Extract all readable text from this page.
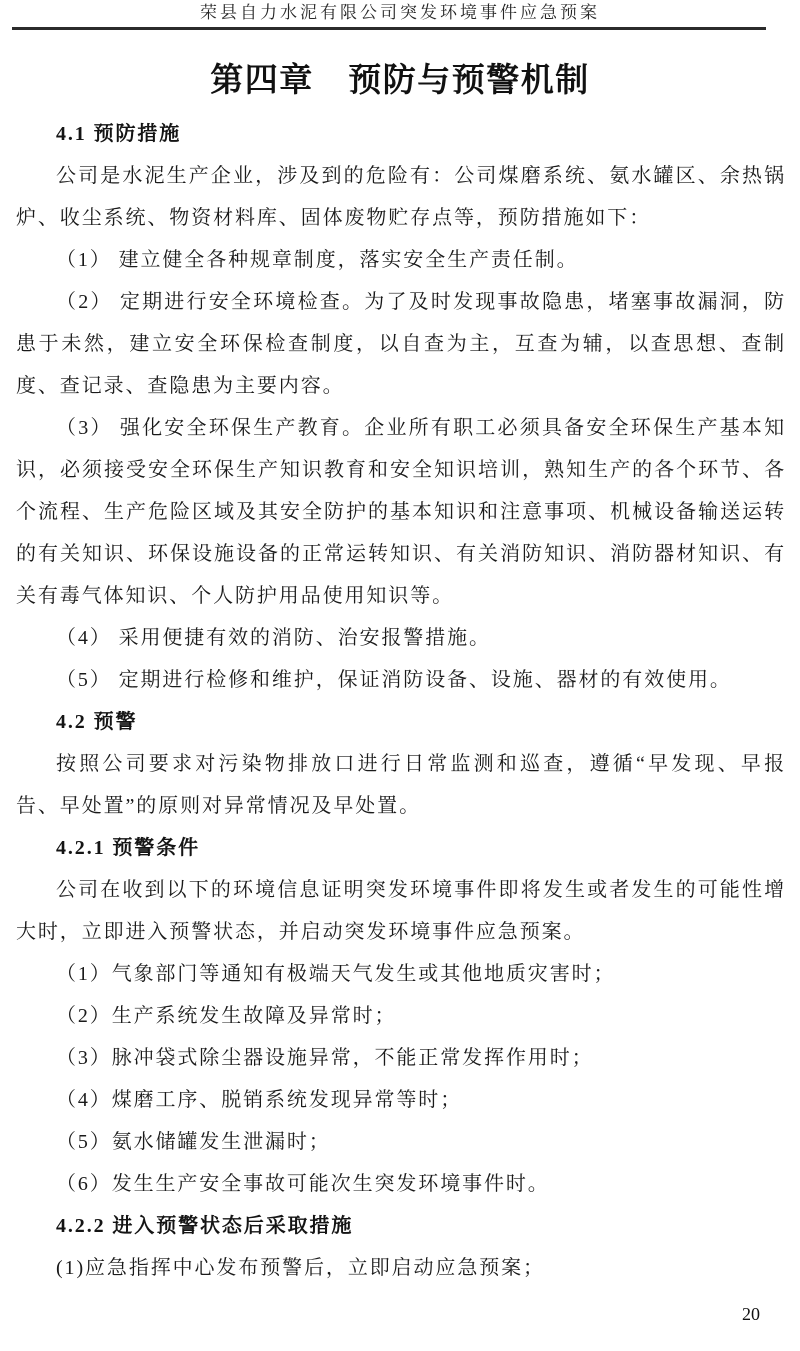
荣县自力水泥有限公司突发环境事件应急预案
第四章　预防与预警机制
4.1 预防措施

公司是水泥生产企业，涉及到的危险有：公司煤磨系统、氨水罐区、余热锅炉、收尘系统、物资材料库、固体废物贮存点等，预防措施如下：

（1） 建立健全各种规章制度，落实安全生产责任制。

（2） 定期进行安全环境检查。为了及时发现事故隐患，堵塞事故漏洞，防患于未然，建立安全环保检查制度，以自查为主，互查为辅，以查思想、查制度、查记录、查隐患为主要内容。

（3） 强化安全环保生产教育。企业所有职工必须具备安全环保生产基本知识，必须接受安全环保生产知识教育和安全知识培训，熟知生产的各个环节、各个流程、生产危险区域及其安全防护的基本知识和注意事项、机械设备输送运转的有关知识、环保设施设备的正常运转知识、有关消防知识、消防器材知识、有关有毒气体知识、个人防护用品使用知识等。

（4） 采用便捷有效的消防、治安报警措施。

（5） 定期进行检修和维护，保证消防设备、设施、器材的有效使用。

4.2 预警

按照公司要求对污染物排放口进行日常监测和巡查，遵循“早发现、早报告、早处置”的原则对异常情况及早处置。

4.2.1 预警条件

公司在收到以下的环境信息证明突发环境事件即将发生或者发生的可能性增大时，立即进入预警状态，并启动突发环境事件应急预案。

（1）气象部门等通知有极端天气发生或其他地质灾害时；

（2）生产系统发生故障及异常时；

（3）脉冲袋式除尘器设施异常，不能正常发挥作用时；

（4）煤磨工序、脱销系统发现异常等时；

（5）氨水储罐发生泄漏时；

（6）发生生产安全事故可能次生突发环境事件时。

4.2.2 进入预警状态后采取措施

(1)应急指挥中心发布预警后，立即启动应急预案；

20
